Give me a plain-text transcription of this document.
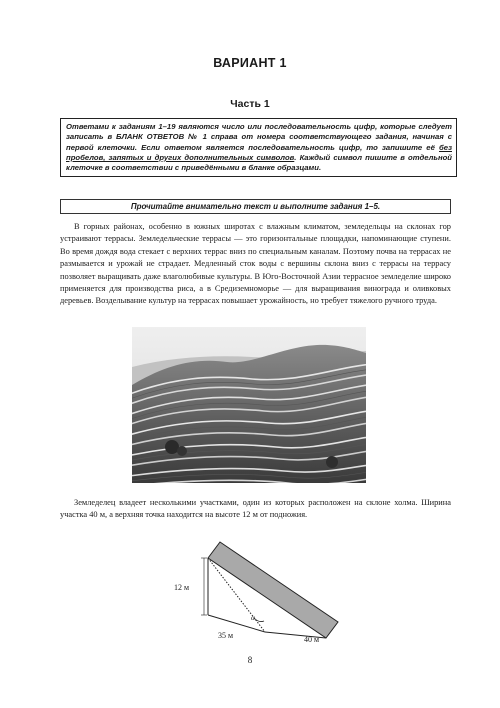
ВАРИАНТ 1
Часть 1
Ответами к заданиям 1–19 являются число или последовательность цифр, которые следует записать в БЛАНК ОТВЕТОВ № 1 справа от номера соответствующего задания, начиная с первой клеточки. Если ответом является последовательность цифр, то запишите её без пробелов, запятых и других дополнительных символов. Каждый символ пишите в отдельной клеточке в соответствии с приведёнными в бланке образцами.
Прочитайте внимательно текст и выполните задания 1–5.

В горных районах, особенно в южных широтах с влажным климатом, земледельцы на склонах гор устраивают террасы. Земледельческие террасы — это горизонтальные площадки, напоминающие ступени. Во время дождя вода стекает с верхних террас вниз по специальным каналам. Поэтому почва на террасах не размывается и урожай не страдает. Медленный сток воды с вершины склона вниз с террасы на террасу позволяет выращивать даже влаголюбивые культуры. В Юго-Восточной Азии террасное земледелие широко применяется для производства риса, а в Средиземноморье — для выращивания винограда и оливковых деревьев. Возделывание культур на террасах повышает урожайность, но требует тяжелого ручного труда.

Земледелец владеет несколькими участками, один из которых расположен на склоне холма. Ширина участка 40 м, а верхняя точка находится на высоте 12 м от подножия.

12 м
35 м	40 м
α
8
